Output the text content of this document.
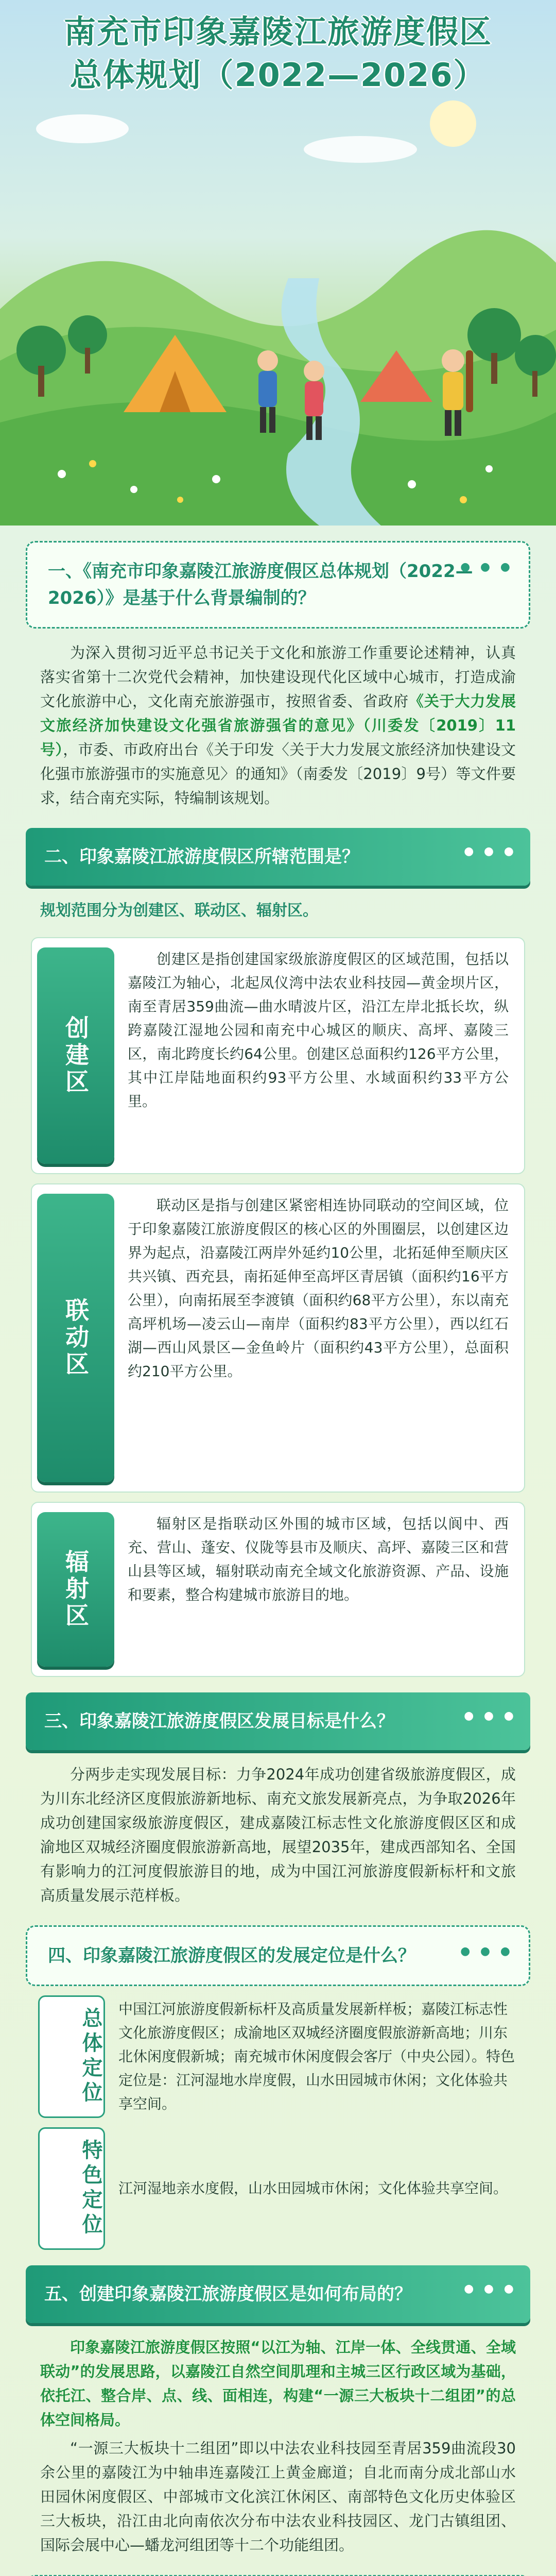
南充市印象嘉陵江旅游度假区
总体规划（2022—2026）
● ● ●
一、《南充市印象嘉陵江旅游度假区总体规划（2022—2026）》是基于什么背景编制的？

为深入贯彻习近平总书记关于文化和旅游工作重要论述精神，认真落实省第十二次党代会精神，加快建设现代化区域中心城市，打造成渝文化旅游中心，文化南充旅游强市，按照省委、省政府《关于大力发展文旅经济加快建设文化强省旅游强省的意见》（川委发〔2019〕11号），市委、市政府出台《关于印发〈关于大力发展文旅经济加快建设文化强市旅游强市的实施意见〉的通知》（南委发〔2019〕9号）等文件要求，结合南充实际，特编制该规划。

● ● ●
二、印象嘉陵江旅游度假区所辖范围是？
规划范围分为创建区、联动区、辐射区。
创建区
创建区是指创建国家级旅游度假区的区域范围，包括以嘉陵江为轴心，北起凤仪湾中法农业科技园—黄金坝片区，南至青居359曲流—曲水晴波片区，沿江左岸北抵长坎，纵跨嘉陵江湿地公园和南充中心城区的顺庆、高坪、嘉陵三区，南北跨度长约64公里。创建区总面积约126平方公里，其中江岸陆地面积约93平方公里、水域面积约33平方公里。
联动区
联动区是指与创建区紧密相连协同联动的空间区域，位于印象嘉陵江旅游度假区的核心区的外围圈层，以创建区边界为起点，沿嘉陵江两岸外延约10公里，北拓延伸至顺庆区共兴镇、西充县，南拓延伸至高坪区青居镇（面积约16平方公里），向南拓展至李渡镇（面积约68平方公里），东以南充高坪机场—凌云山—南岸（面积约83平方公里），西以红石湖—西山风景区—金鱼岭片（面积约43平方公里），总面积约210平方公里。
辐射区
辐射区是指联动区外围的城市区域，包括以阆中、西充、营山、蓬安、仪陇等县市及顺庆、高坪、嘉陵三区和营山县等区域，辐射联动南充全域文化旅游资源、产品、设施和要素，整合构建城市旅游目的地。
● ● ●
三、印象嘉陵江旅游度假区发展目标是什么？

分两步走实现发展目标：力争2024年成功创建省级旅游度假区，成为川东北经济区度假旅游新地标、南充文旅发展新亮点，为争取2026年成功创建国家级旅游度假区，建成嘉陵江标志性文化旅游度假区区和成渝地区双城经济圈度假旅游新高地，展望2035年，建成西部知名、全国有影响力的江河度假旅游目的地，成为中国江河旅游度假新标杆和文旅高质量发展示范样板。

● ● ●
四、印象嘉陵江旅游度假区的发展定位是什么？
总体定位	中国江河旅游度假新标杆及高质量发展新样板；嘉陵江标志性文化旅游度假区；成渝地区双城经济圈度假旅游新高地；川东北休闲度假新城；南充城市休闲度假会客厅（中央公园）。特色定位是：江河湿地水岸度假，山水田园城市休闲；文化体验共享空间。
特色定位	江河湿地亲水度假，山水田园城市休闲；文化体验共享空间。
● ● ●
五、创建印象嘉陵江旅游度假区是如何布局的？

印象嘉陵江旅游度假区按照“以江为轴、江岸一体、全线贯通、全域联动”的发展思路，以嘉陵江自然空间肌理和主城三区行政区域为基础，依托江、整合岸、点、线、面相连，构建“一源三大板块十二组团”的总体空间格局。

“一源三大板块十二组团”即以中法农业科技园至青居359曲流段30余公里的嘉陵江为中轴串连嘉陵江上黄金廊道；自北而南分成北部山水田园休闲度假区、中部城市文化滨江休闲区、南部特色文化历史体验区三大板块，沿江由北向南依次分布中法农业科技园区、龙门古镇组团、国际会展中心—蟠龙河组团等十二个功能组团。
